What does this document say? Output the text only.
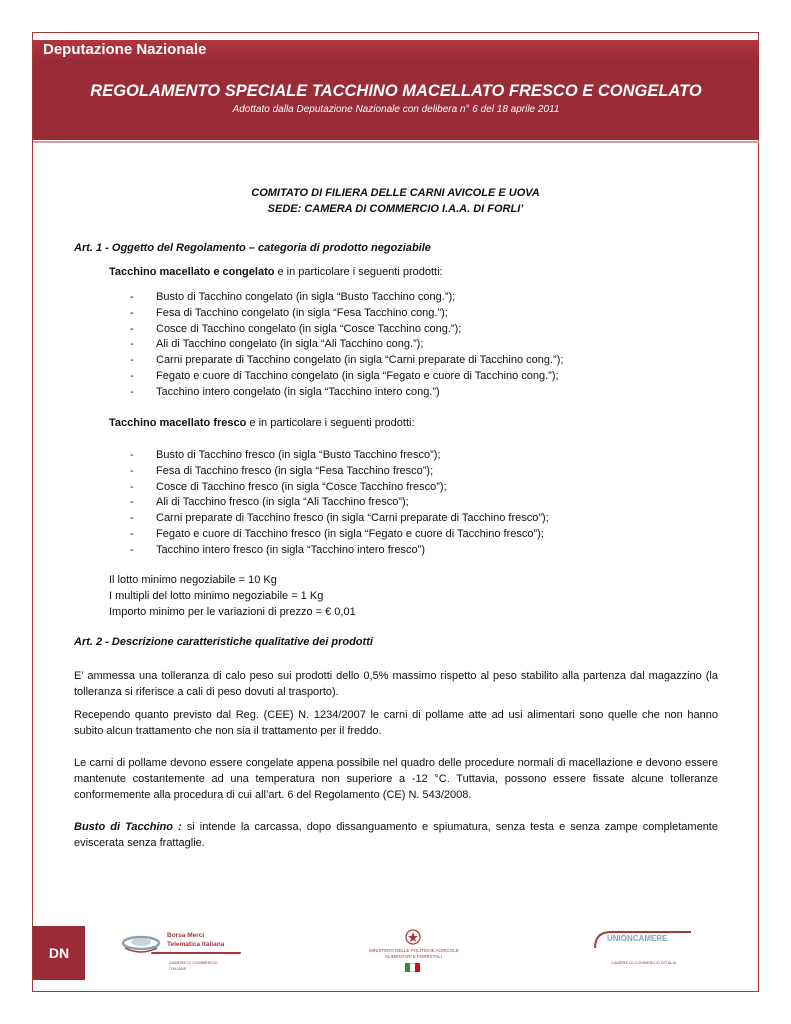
Deputazione Nazionale
REGOLAMENTO SPECIALE TACCHINO MACELLATO FRESCO E CONGELATO
Adottato dalla Deputazione Nazionale con delibera n° 6 del 18 aprile 2011
COMITATO DI FILIERA DELLE CARNI AVICOLE E UOVA
SEDE: CAMERA DI COMMERCIO I.A.A. DI FORLI’
Art. 1 - Oggetto del Regolamento – categoria di prodotto negoziabile
Tacchino macellato e congelato e in particolare i seguenti prodotti:
- Busto di Tacchino congelato (in sigla “Busto Tacchino cong.”);
- Fesa di Tacchino congelato (in sigla “Fesa Tacchino cong.”);
- Cosce di Tacchino congelato (in sigla “Cosce Tacchino cong.”);
- Ali di Tacchino congelato (in sigla “Ali Tacchino cong.”);
- Carni preparate di Tacchino congelato (in sigla “Carni preparate di Tacchino cong.”);
- Fegato e cuore di Tacchino congelato (in sigla “Fegato e cuore di Tacchino cong.”);
- Tacchino intero congelato (in sigla “Tacchino intero cong.”)
Tacchino macellato fresco e in particolare i seguenti prodotti:
- Busto di Tacchino fresco (in sigla “Busto Tacchino fresco”);
- Fesa di Tacchino fresco (in sigla “Fesa Tacchino fresco”);
- Cosce di Tacchino fresco (in sigla “Cosce Tacchino fresco”);
- Ali di Tacchino fresco (in sigla “Ali Tacchino fresco”);
- Carni preparate di Tacchino fresco (in sigla “Carni preparate di Tacchino fresco”);
- Fegato e cuore di Tacchino fresco (in sigla “Fegato e cuore di Tacchino fresco”);
- Tacchino intero fresco (in sigla “Tacchino intero fresco”)
Il lotto minimo negoziabile = 10 Kg
I multipli del lotto minimo negoziabile = 1 Kg
Importo minimo per le variazioni di prezzo = € 0,01
Art. 2 - Descrizione caratteristiche qualitative dei prodotti
E’ ammessa una tolleranza di calo peso sui prodotti dello 0,5% massimo rispetto al peso stabilito alla partenza dal magazzino (la tolleranza si riferisce a cali di peso dovuti al trasporto).
Recependo quanto previsto dal Reg. (CEE) N. 1234/2007 le carni di pollame atte ad usi alimentari sono quelle che non hanno subito alcun trattamento che non sia il trattamento per il freddo.
Le carni di pollame devono essere congelate appena possibile nel quadro delle procedure normali di macellazione e devono essere mantenute costantemente ad una temperatura non superiore a -12 °C. Tuttavia, possono essere fissate alcune tolleranze conformemente alla procedura di cui all’art. 6 del Regolamento (CE) N. 543/2008.
Busto di Tacchino : si intende la carcassa, dopo dissanguamento e spiumatura, senza testa e senza zampe completamente eviscerata senza frattaglie.
DN
Borsa Merci
Telematica Italiana
CAMERE DI COMMERCIO
ITALIANE
MINISTERO DELLE POLITICHE AGRICOLE
ALIMENTARI E FORESTALI
UNIONCAMERE
CAMERE DI COMMERCIO D'ITALIA
